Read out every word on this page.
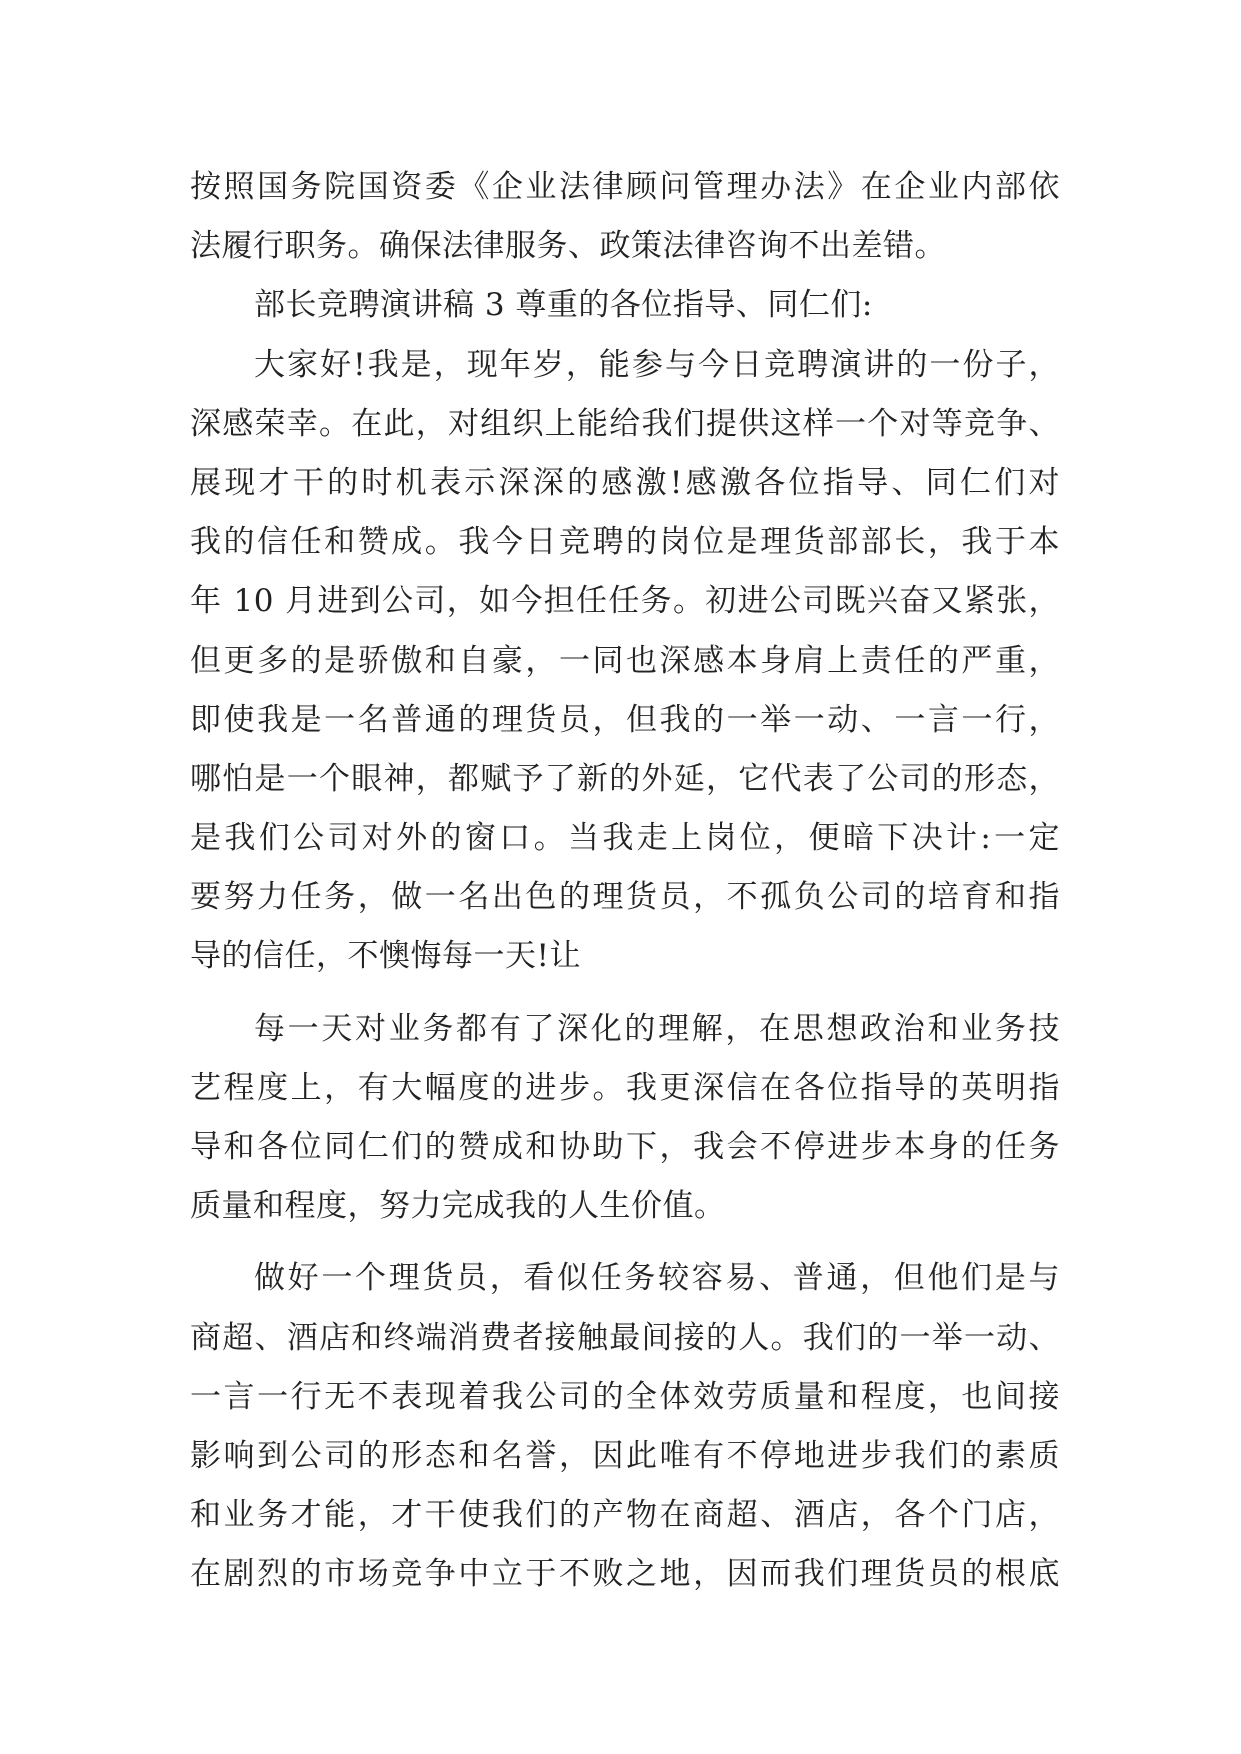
按照国务院国资委《企业法律顾问管理办法》在企业内部依
法履行职务。确保法律服务、政策法律咨询不出差错。
部长竞聘演讲稿 3 尊重的各位指导、同仁们:
大家好!我是，现年岁，能参与今日竞聘演讲的一份子，
深感荣幸。在此，对组织上能给我们提供这样一个对等竞争、
展现才干的时机表示深深的感激!感激各位指导、同仁们对
我的信任和赞成。我今日竞聘的岗位是理货部部长，我于本
年 10 月进到公司，如今担任任务。初进公司既兴奋又紧张，
但更多的是骄傲和自豪，一同也深感本身肩上责任的严重，
即使我是一名普通的理货员，但我的一举一动、一言一行，
哪怕是一个眼神，都赋予了新的外延，它代表了公司的形态，
是我们公司对外的窗口。当我走上岗位，便暗下决计:一定
要努力任务，做一名出色的理货员，不孤负公司的培育和指
导的信任，不懊悔每一天!让
每一天对业务都有了深化的理解，在思想政治和业务技
艺程度上，有大幅度的进步。我更深信在各位指导的英明指
导和各位同仁们的赞成和协助下，我会不停进步本身的任务
质量和程度，努力完成我的人生价值。
做好一个理货员，看似任务较容易、普通，但他们是与
商超、酒店和终端消费者接触最间接的人。我们的一举一动、
一言一行无不表现着我公司的全体效劳质量和程度，也间接
影响到公司的形态和名誉，因此唯有不停地进步我们的素质
和业务才能，才干使我们的产物在商超、酒店，各个门店，
在剧烈的市场竞争中立于不败之地，因而我们理货员的根底
